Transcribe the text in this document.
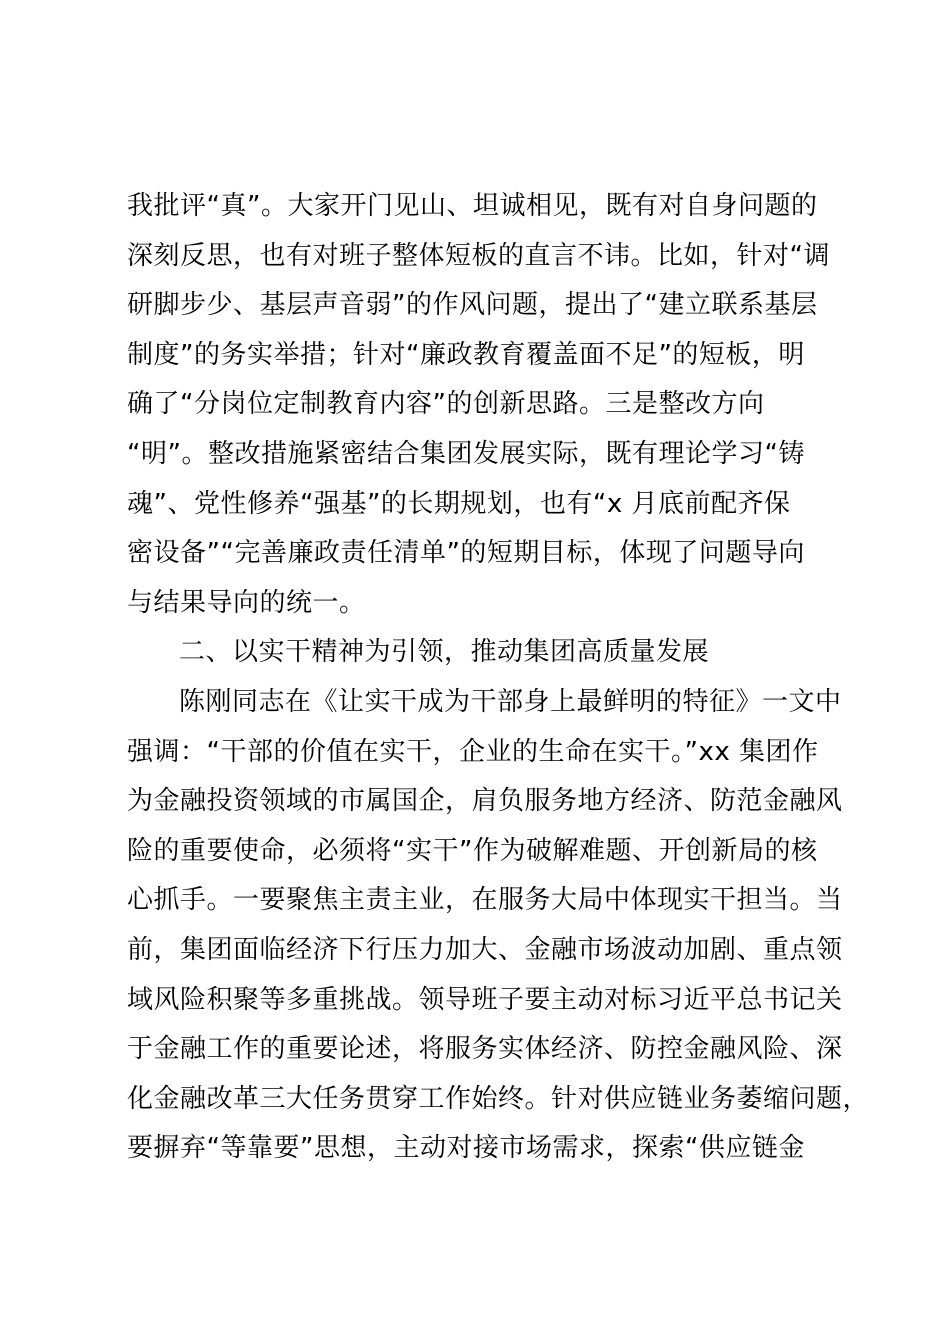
我批评“真”。大家开门见山、坦诚相见，既有对自身问题的
深刻反思，也有对班子整体短板的直言不讳。比如，针对“调
研脚步少、基层声音弱”的作风问题，提出了“建立联系基层
制度”的务实举措；针对“廉政教育覆盖面不足”的短板，明
确了“分岗位定制教育内容”的创新思路。三是整改方向
“明”。整改措施紧密结合集团发展实际，既有理论学习“铸
魂”、党性修养“强基”的长期规划，也有“x 月底前配齐保
密设备”“完善廉政责任清单”的短期目标，体现了问题导向
与结果导向的统一。
二、以实干精神为引领，推动集团高质量发展
陈刚同志在《让实干成为干部身上最鲜明的特征》一文中
强调：“干部的价值在实干，企业的生命在实干。”xx 集团作
为金融投资领域的市属国企，肩负服务地方经济、防范金融风
险的重要使命，必须将“实干”作为破解难题、开创新局的核
心抓手。一要聚焦主责主业，在服务大局中体现实干担当。当
前，集团面临经济下行压力加大、金融市场波动加剧、重点领
域风险积聚等多重挑战。领导班子要主动对标习近平总书记关
于金融工作的重要论述，将服务实体经济、防控金融风险、深
化金融改革三大任务贯穿工作始终。针对供应链业务萎缩问题，
要摒弃“等靠要”思想，主动对接市场需求，探索“供应链金
